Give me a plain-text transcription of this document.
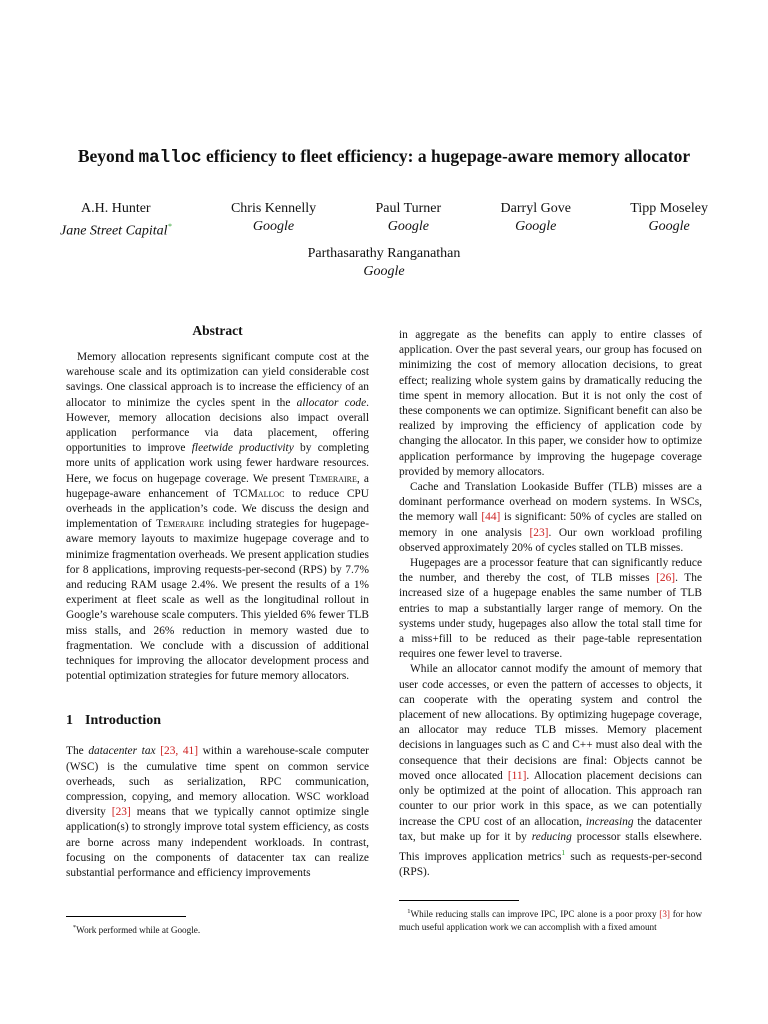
Beyond malloc efficiency to fleet efficiency: a hugepage-aware memory allocator
A.H. Hunter
Jane Street Capital*
Chris Kennelly
Google
Paul Turner
Google
Darryl Gove
Google
Tipp Moseley
Google
Parthasarathy Ranganathan
Google
Abstract

Memory allocation represents significant compute cost at the warehouse scale and its optimization can yield considerable cost savings. One classical approach is to increase the efficiency of an allocator to minimize the cycles spent in the allocator code. However, memory allocation decisions also impact overall application performance via data placement, offering opportunities to improve fleetwide productivity by completing more units of application work using fewer hardware resources. Here, we focus on hugepage coverage. We present Temeraire, a hugepage-aware enhancement of TCMalloc to reduce CPU overheads in the application’s code. We discuss the design and implementation of Temeraire including strategies for hugepage-aware memory layouts to maximize hugepage coverage and to minimize fragmentation overheads. We present application studies for 8 applications, improving requests-per-second (RPS) by 7.7% and reducing RAM usage 2.4%. We present the results of a 1% experiment at fleet scale as well as the longitudinal rollout in Google’s warehouse scale computers. This yielded 6% fewer TLB miss stalls, and 26% reduction in memory wasted due to fragmentation. We conclude with a discussion of additional techniques for improving the allocator development process and potential optimization strategies for future memory allocators.

1 Introduction

The datacenter tax [23, 41] within a warehouse-scale computer (WSC) is the cumulative time spent on common service overheads, such as serialization, RPC communication, compression, copying, and memory allocation. WSC workload diversity [23] means that we typically cannot optimize single application(s) to strongly improve total system efficiency, as costs are borne across many independent workloads. In contrast, focusing on the components of datacenter tax can realize substantial performance and efficiency improvements

in aggregate as the benefits can apply to entire classes of application. Over the past several years, our group has focused on minimizing the cost of memory allocation decisions, to great effect; realizing whole system gains by dramatically reducing the time spent in memory allocation. But it is not only the cost of these components we can optimize. Significant benefit can also be realized by improving the efficiency of application code by changing the allocator. In this paper, we consider how to optimize application performance by improving the hugepage coverage provided by memory allocators.

Cache and Translation Lookaside Buffer (TLB) misses are a dominant performance overhead on modern systems. In WSCs, the memory wall [44] is significant: 50% of cycles are stalled on memory in one analysis [23]. Our own workload profiling observed approximately 20% of cycles stalled on TLB misses.

Hugepages are a processor feature that can significantly reduce the number, and thereby the cost, of TLB misses [26]. The increased size of a hugepage enables the same number of TLB entries to map a substantially larger range of memory. On the systems under study, hugepages also allow the total stall time for a miss+fill to be reduced as their page-table representation requires one fewer level to traverse.

While an allocator cannot modify the amount of memory that user code accesses, or even the pattern of accesses to objects, it can cooperate with the operating system and control the placement of new allocations. By optimizing hugepage coverage, an allocator may reduce TLB misses. Memory placement decisions in languages such as C and C++ must also deal with the consequence that their decisions are final: Objects cannot be moved once allocated [11]. Allocation placement decisions can only be optimized at the point of allocation. This approach ran counter to our prior work in this space, as we can potentially increase the CPU cost of an allocation, increasing the datacenter tax, but make up for it by reducing processor stalls elsewhere. This improves application metrics$^1$ such as requests-per-second (RPS).

*Work performed while at Google.
$^1$While reducing stalls can improve IPC, IPC alone is a poor proxy [3] for how much useful application work we can accomplish with a fixed amount
